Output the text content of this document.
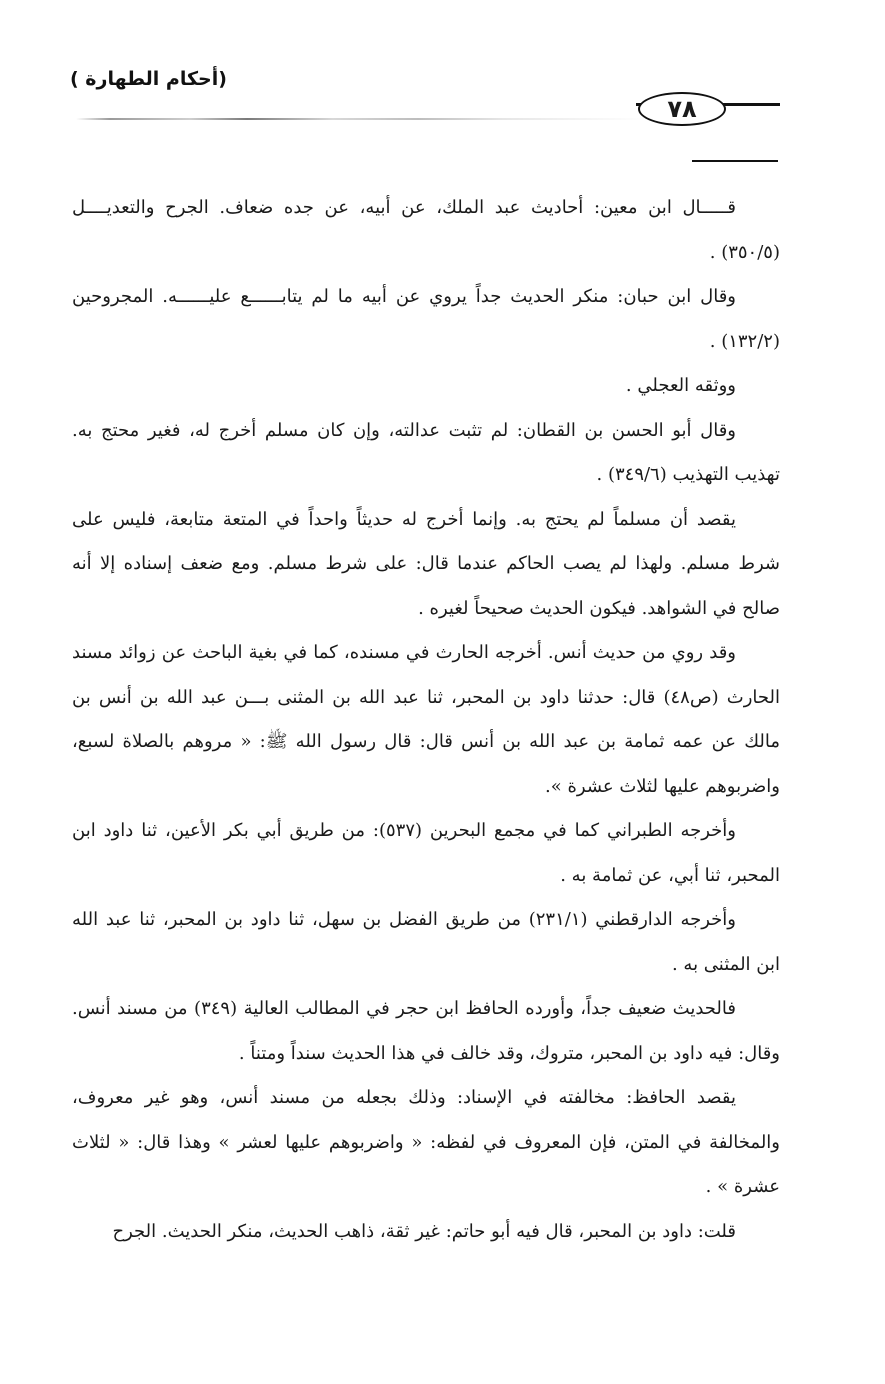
(أحكام الطهارة )
٧٨

قـــــال ابن معين: أحاديث عبد الملك، عن أبيه، عن جده ضعاف. الجرح والتعديــــل (٣٥٠/٥) .

وقال ابن حبان: منكر الحديث جداً يروي عن أبيه ما لم يتابــــــع عليــــــه. المجروحين (١٣٢/٢) .

ووثقه العجلي .

وقال أبو الحسن بن القطان: لم تثبت عدالته، وإن كان مسلم أخرج له، فغير محتج به. تهذيب التهذيب (٣٤٩/٦) .

يقصد أن مسلماً لم يحتج به. وإنما أخرج له حديثاً واحداً في المتعة متابعة، فليس على شرط مسلم. ولهذا لم يصب الحاكم عندما قال: على شرط مسلم. ومع ضعف إسناده إلا أنه صالح في الشواهد. فيكون الحديث صحيحاً لغيره .

وقد روي من حديث أنس. أخرجه الحارث في مسنده، كما في بغية الباحث عن زوائد مسند الحارث (ص٤٨) قال: حدثنا داود بن المحبر، ثنا عبد الله بن المثنى بـــن عبد الله بن أنس بن مالك عن عمه ثمامة بن عبد الله بن أنس قال: قال رسول الله ﷺ: « مروهم بالصلاة لسبع، واضربوهم عليها لثلاث عشرة ».

وأخرجه الطبراني كما في مجمع البحرين (٥٣٧): من طريق أبي بكر الأعين، ثنا داود ابن المحبر، ثنا أبي، عن ثمامة به .

وأخرجه الدارقطني (٢٣١/١) من طريق الفضل بن سهل، ثنا داود بن المحبر، ثنا عبد الله ابن المثنى به .

فالحديث ضعيف جداً، وأورده الحافظ ابن حجر في المطالب العالية (٣٤٩) من مسند أنس. وقال: فيه داود بن المحبر، متروك، وقد خالف في هذا الحديث سنداً ومتناً .

يقصد الحافظ: مخالفته في الإسناد: وذلك بجعله من مسند أنس، وهو غير معروف، والمخالفة في المتن، فإن المعروف في لفظه: « واضربوهم عليها لعشر » وهذا قال: « لثلاث عشرة » .

قلت: داود بن المحبر، قال فيه أبو حاتم: غير ثقة، ذاهب الحديث، منكر الحديث. الجرح
